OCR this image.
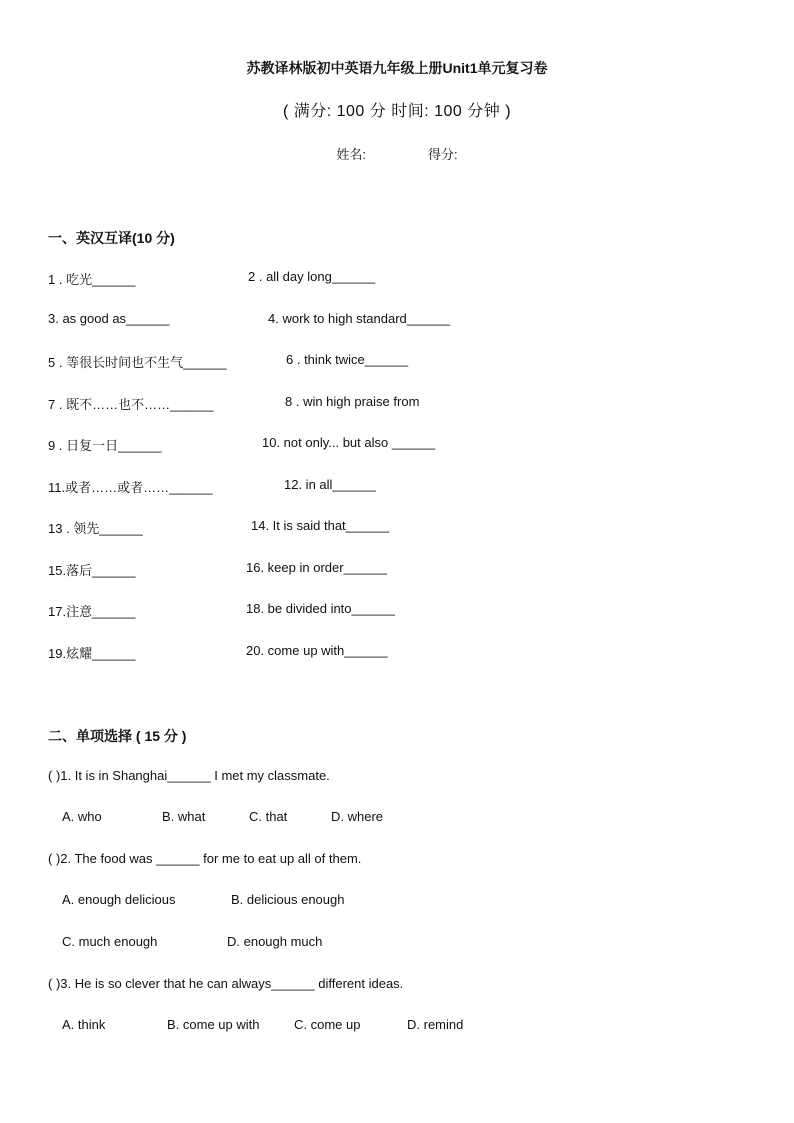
苏教译林版初中英语九年级上册Unit1单元复习卷
( 满分: 100 分 时间: 100 分钟 )
姓名:	得分:
一、英汉互译(10 分)
1 . 吃光______	2 . all day long______
3. as good as______	4. work to high standard______
5 . 等很长时间也不生气______	6 . think twice______
7 . 既不……也不……______	8 . win high praise from
9 . 日复一日______	10. not only... but also ______
11.或者……或者……______	12. in all______
13 . 领先______	14. It is said that______
15.落后______	16. keep in order______
17.注意______	18. be divided into______
19.炫耀______	20. come up with______
二、单项选择 ( 15 分 )
( )1. It is in Shanghai______ I met my classmate.
A. who	B. what	C. that	D. where
( )2. The food was ______ for me to eat up all of them.
A. enough delicious	B. delicious enough
C. much enough	D. enough much
( )3. He is so clever that he can always______ different ideas.
A. think	B. come up with	C. come up	D. remind
